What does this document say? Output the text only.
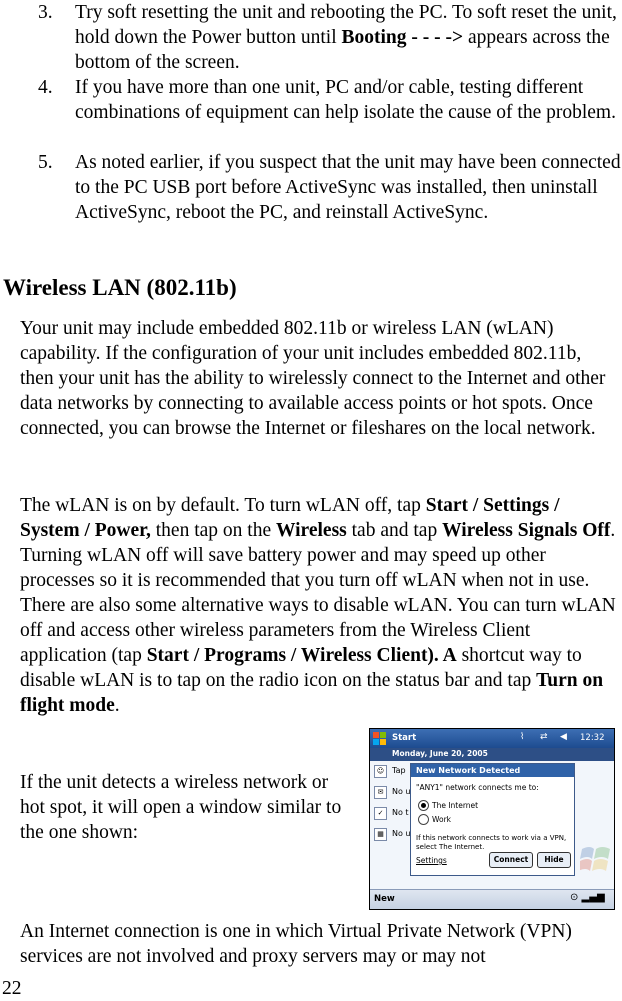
3. Try soft resetting the unit and rebooting the PC. To soft reset the unit, hold down the Power button until Booting - - - -> appears across the bottom of the screen.
4. If you have more than one unit, PC and/or cable, testing different combinations of equipment can help isolate the cause of the problem.
5. As noted earlier, if you suspect that the unit may have been connected to the PC USB port before ActiveSync was installed, then uninstall ActiveSync, reboot the PC, and reinstall ActiveSync.
Wireless LAN (802.11b)

Your unit may include embedded 802.11b or wireless LAN (wLAN) capability. If the configuration of your unit includes embedded 802.11b, then your unit has the ability to wirelessly connect to the Internet and other data networks by connecting to available access points or hot spots. Once connected, you can browse the Internet or fileshares on the local network.

The wLAN is on by default. To turn wLAN off, tap Start / Settings / System / Power, then tap on the Wireless tab and tap Wireless Signals Off. Turning wLAN off will save battery power and may speed up other processes so it is recommended that you turn off wLAN when not in use. There are also some alternative ways to disable wLAN. You can turn wLAN off and access other wireless parameters from the Wireless Client application (tap Start / Programs / Wireless Client). A shortcut way to disable wLAN is to tap on the radio icon on the status bar and tap Turn on flight mode.

If the unit detects a wireless network or hot spot, it will open a window similar to the one shown:

Start	⌇ ⇄ ◀ 12:32
Monday, June 20, 2005
☺ Tap
✉	No u
✓	No t
▦	No u
New Network Detected
"ANY1" network connects me to:
The Internet
Work
If this network connects to work via a VPN, select The Internet.
Settings	Connect	Hide
New	⊙ ▂▄▆

An Internet connection is one in which Virtual Private Network (VPN) services are not involved and proxy servers may or may not

22
